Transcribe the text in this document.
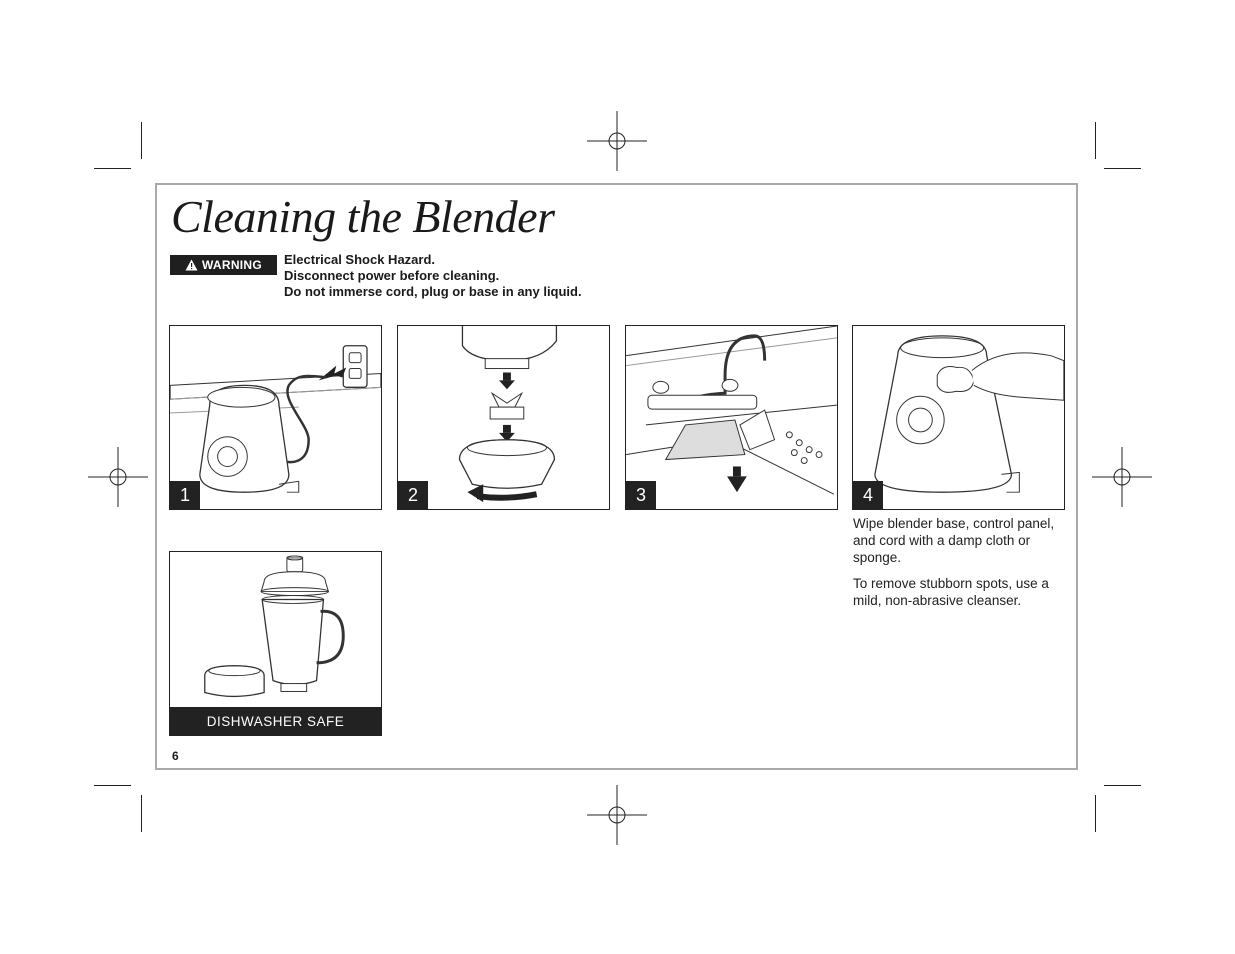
Cleaning the Blender
WARNING Electrical Shock Hazard.
Disconnect power before cleaning.
Do not immerse cord, plug or base in any liquid.
1	2	3	4
Wipe blender base, control panel, and cord with a damp cloth or sponge.
To remove stubborn spots, use a mild, non-abrasive cleanser.
DISHWASHER SAFE
6
